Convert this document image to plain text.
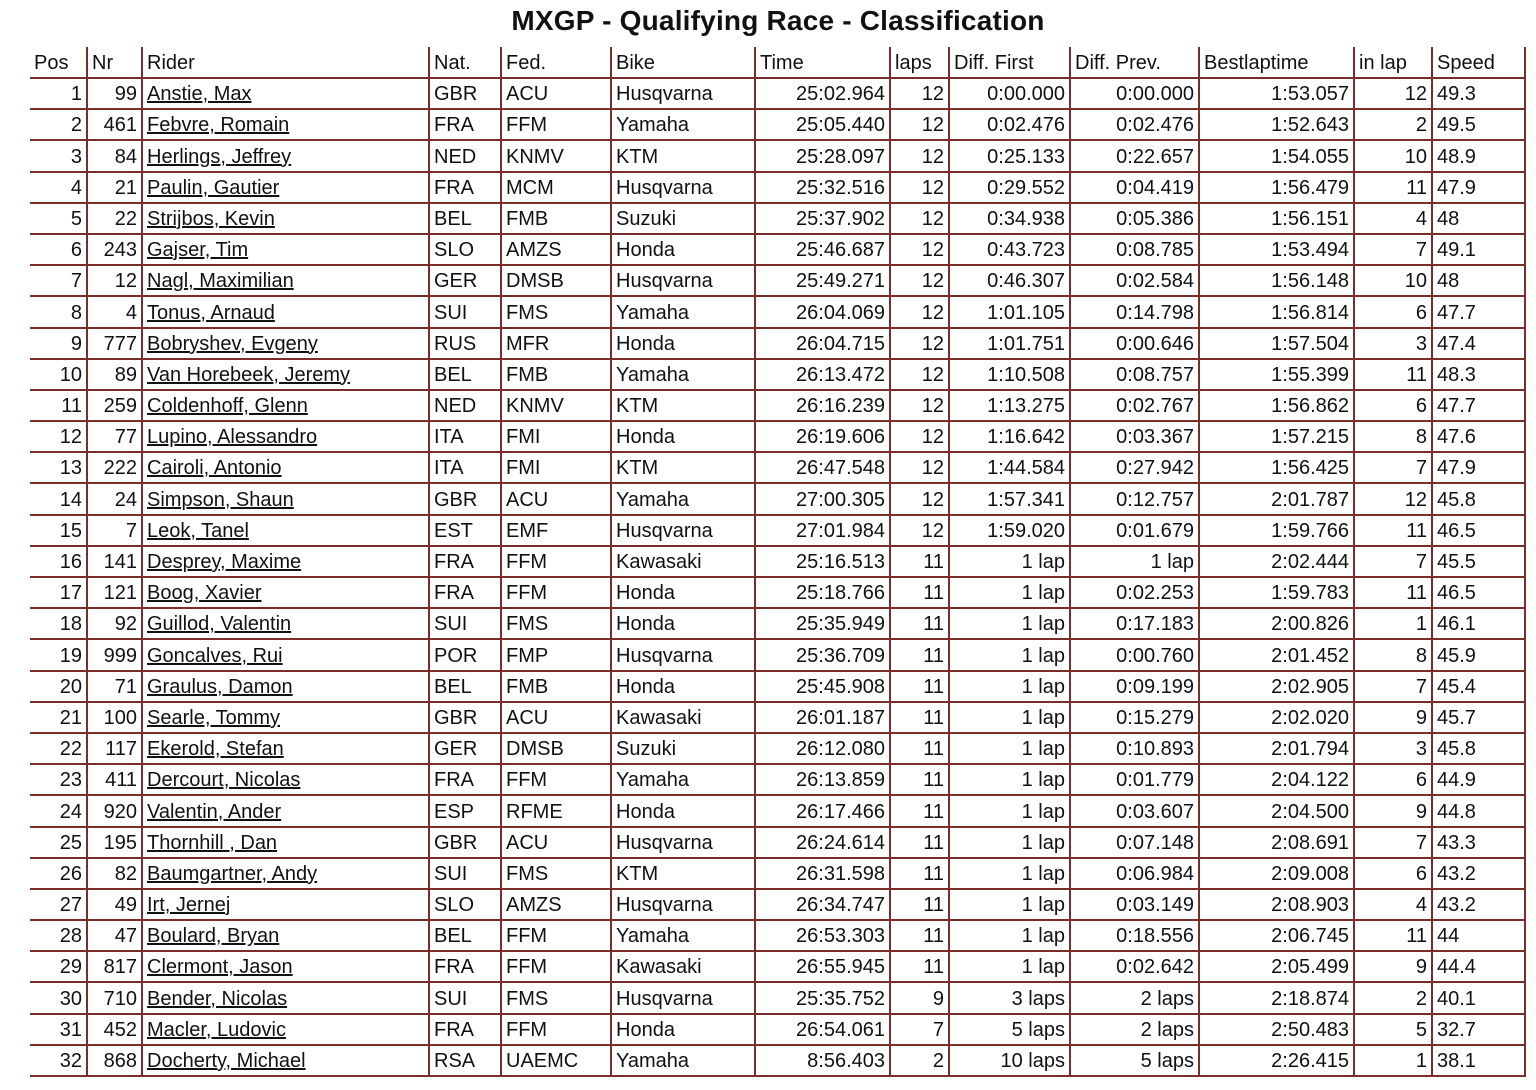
MXGP - Qualifying Race - Classification
Pos	Nr	Rider	Nat.	Fed.	Bike	Time	laps	Diff. First	Diff. Prev.	Bestlaptime	in lap	Speed
1	99	Anstie, Max	GBR	ACU	Husqvarna	25:02.964	12	0:00.000	0:00.000	1:53.057	12	49.3
2	461	Febvre, Romain	FRA	FFM	Yamaha	25:05.440	12	0:02.476	0:02.476	1:52.643	2	49.5
3	84	Herlings, Jeffrey	NED	KNMV	KTM	25:28.097	12	0:25.133	0:22.657	1:54.055	10	48.9
4	21	Paulin, Gautier	FRA	MCM	Husqvarna	25:32.516	12	0:29.552	0:04.419	1:56.479	11	47.9
5	22	Strijbos, Kevin	BEL	FMB	Suzuki	25:37.902	12	0:34.938	0:05.386	1:56.151	4	48
6	243	Gajser, Tim	SLO	AMZS	Honda	25:46.687	12	0:43.723	0:08.785	1:53.494	7	49.1
7	12	Nagl, Maximilian	GER	DMSB	Husqvarna	25:49.271	12	0:46.307	0:02.584	1:56.148	10	48
8	4	Tonus, Arnaud	SUI	FMS	Yamaha	26:04.069	12	1:01.105	0:14.798	1:56.814	6	47.7
9	777	Bobryshev, Evgeny	RUS	MFR	Honda	26:04.715	12	1:01.751	0:00.646	1:57.504	3	47.4
10	89	Van Horebeek, Jeremy	BEL	FMB	Yamaha	26:13.472	12	1:10.508	0:08.757	1:55.399	11	48.3
11	259	Coldenhoff, Glenn	NED	KNMV	KTM	26:16.239	12	1:13.275	0:02.767	1:56.862	6	47.7
12	77	Lupino, Alessandro	ITA	FMI	Honda	26:19.606	12	1:16.642	0:03.367	1:57.215	8	47.6
13	222	Cairoli, Antonio	ITA	FMI	KTM	26:47.548	12	1:44.584	0:27.942	1:56.425	7	47.9
14	24	Simpson, Shaun	GBR	ACU	Yamaha	27:00.305	12	1:57.341	0:12.757	2:01.787	12	45.8
15	7	Leok, Tanel	EST	EMF	Husqvarna	27:01.984	12	1:59.020	0:01.679	1:59.766	11	46.5
16	141	Desprey, Maxime	FRA	FFM	Kawasaki	25:16.513	11	1 lap	1 lap	2:02.444	7	45.5
17	121	Boog, Xavier	FRA	FFM	Honda	25:18.766	11	1 lap	0:02.253	1:59.783	11	46.5
18	92	Guillod, Valentin	SUI	FMS	Honda	25:35.949	11	1 lap	0:17.183	2:00.826	1	46.1
19	999	Goncalves, Rui	POR	FMP	Husqvarna	25:36.709	11	1 lap	0:00.760	2:01.452	8	45.9
20	71	Graulus, Damon	BEL	FMB	Honda	25:45.908	11	1 lap	0:09.199	2:02.905	7	45.4
21	100	Searle, Tommy	GBR	ACU	Kawasaki	26:01.187	11	1 lap	0:15.279	2:02.020	9	45.7
22	117	Ekerold, Stefan	GER	DMSB	Suzuki	26:12.080	11	1 lap	0:10.893	2:01.794	3	45.8
23	411	Dercourt, Nicolas	FRA	FFM	Yamaha	26:13.859	11	1 lap	0:01.779	2:04.122	6	44.9
24	920	Valentin, Ander	ESP	RFME	Honda	26:17.466	11	1 lap	0:03.607	2:04.500	9	44.8
25	195	Thornhill , Dan	GBR	ACU	Husqvarna	26:24.614	11	1 lap	0:07.148	2:08.691	7	43.3
26	82	Baumgartner, Andy	SUI	FMS	KTM	26:31.598	11	1 lap	0:06.984	2:09.008	6	43.2
27	49	Irt, Jernej	SLO	AMZS	Husqvarna	26:34.747	11	1 lap	0:03.149	2:08.903	4	43.2
28	47	Boulard, Bryan	BEL	FFM	Yamaha	26:53.303	11	1 lap	0:18.556	2:06.745	11	44
29	817	Clermont, Jason	FRA	FFM	Kawasaki	26:55.945	11	1 lap	0:02.642	2:05.499	9	44.4
30	710	Bender, Nicolas	SUI	FMS	Husqvarna	25:35.752	9	3 laps	2 laps	2:18.874	2	40.1
31	452	Macler, Ludovic	FRA	FFM	Honda	26:54.061	7	5 laps	2 laps	2:50.483	5	32.7
32	868	Docherty, Michael	RSA	UAEMC	Yamaha	8:56.403	2	10 laps	5 laps	2:26.415	1	38.1
